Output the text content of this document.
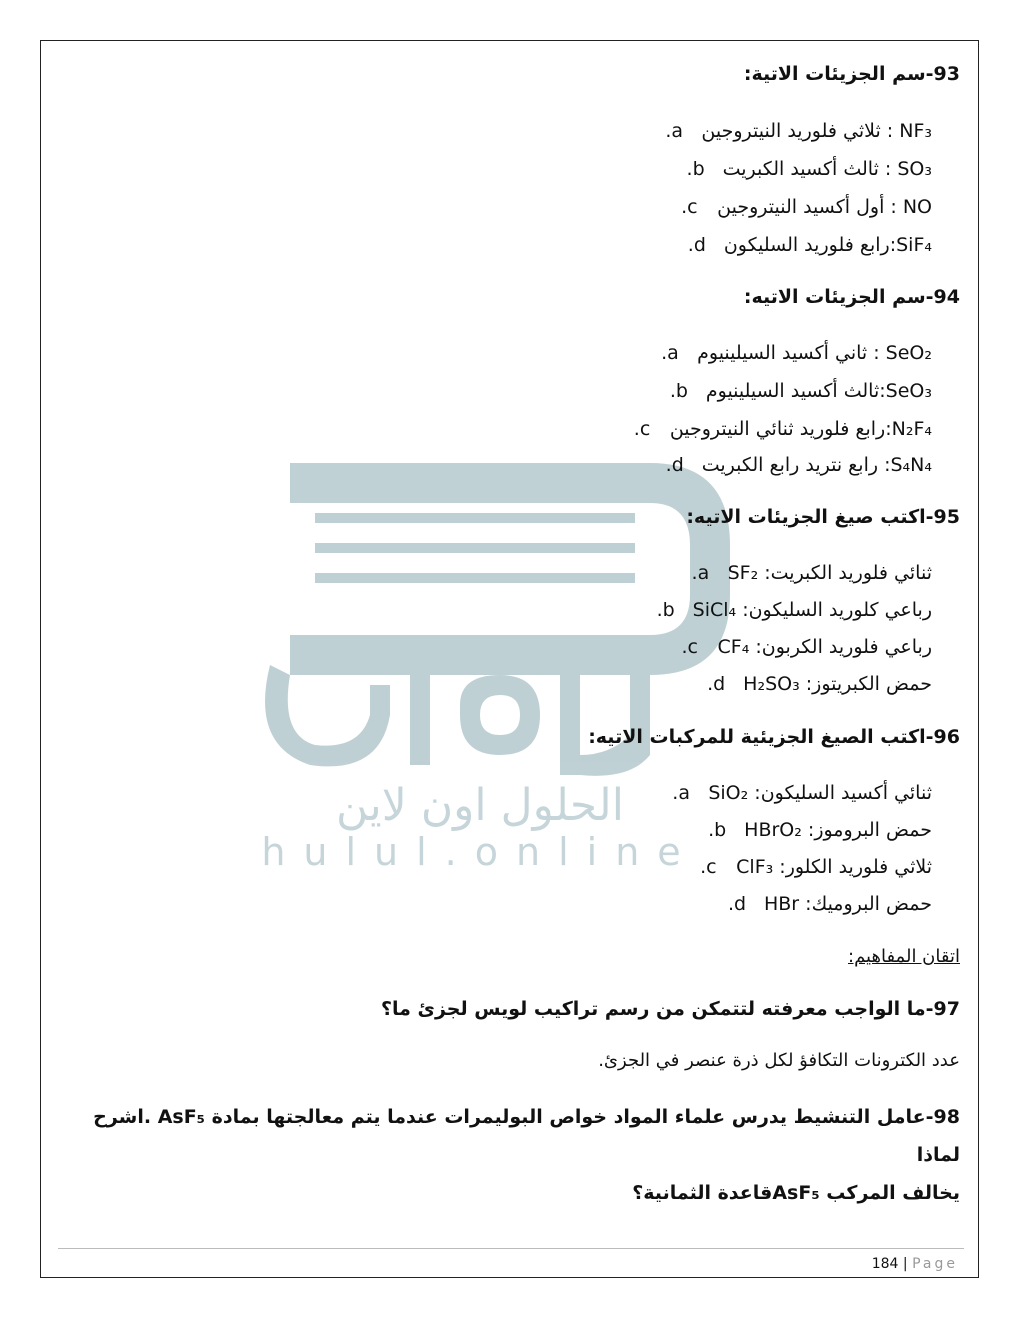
الحلول اون لاين
hulul.online

93-سم الجزيئات الاتية:

NF₃ : ثلاثي فلوريد النيتروجين a.
SO₃ : ثالث أكسيد الكبريت b.
NO : أول أكسيد النيتروجين c.
SiF₄:رابع فلوريد السليكون d.

94-سم الجزيئات الاتيه:

SeO₂ : ثاني أكسيد السيلينيوم a.
SeO₃:ثالث أكسيد السيلينيوم b.
N₂F₄:رابع فلوريد ثنائي النيتروجين c.
S₄N₄: رابع نتريد رابع الكبريت d.

95-اكتب صيغ الجزيئات الاتيه:

ثنائي فلوريد الكبريت: SF₂ a.
رباعي كلوريد السليكون: SiCl₄ b.
رباعي فلوريد الكربون: CF₄ c.
حمض الكبريتوز: H₂SO₃ d.

96-اكتب الصيغ الجزيئية للمركبات الاتيه:

ثنائي أكسيد السليكون: SiO₂ a.
حمض البروموز: HBrO₂ b.
ثلاثي فلوريد الكلور: ClF₃ c.
حمض البروميك: HBr d.
اتقان المفاهيم:

97-ما الواجب معرفته لتتمكن من رسم تراكيب لويس لجزئ ما؟

عدد الكترونات التكافؤ لكل ذرة عنصر في الجزئ.
98-عامل التنشيط يدرس علماء المواد خواص البوليمرات عندما يتم معالجتها بمادة AsF₅ .اشرح لماذا
يخالف المركب AsF₅قاعدة الثمانية؟
184 | Page
